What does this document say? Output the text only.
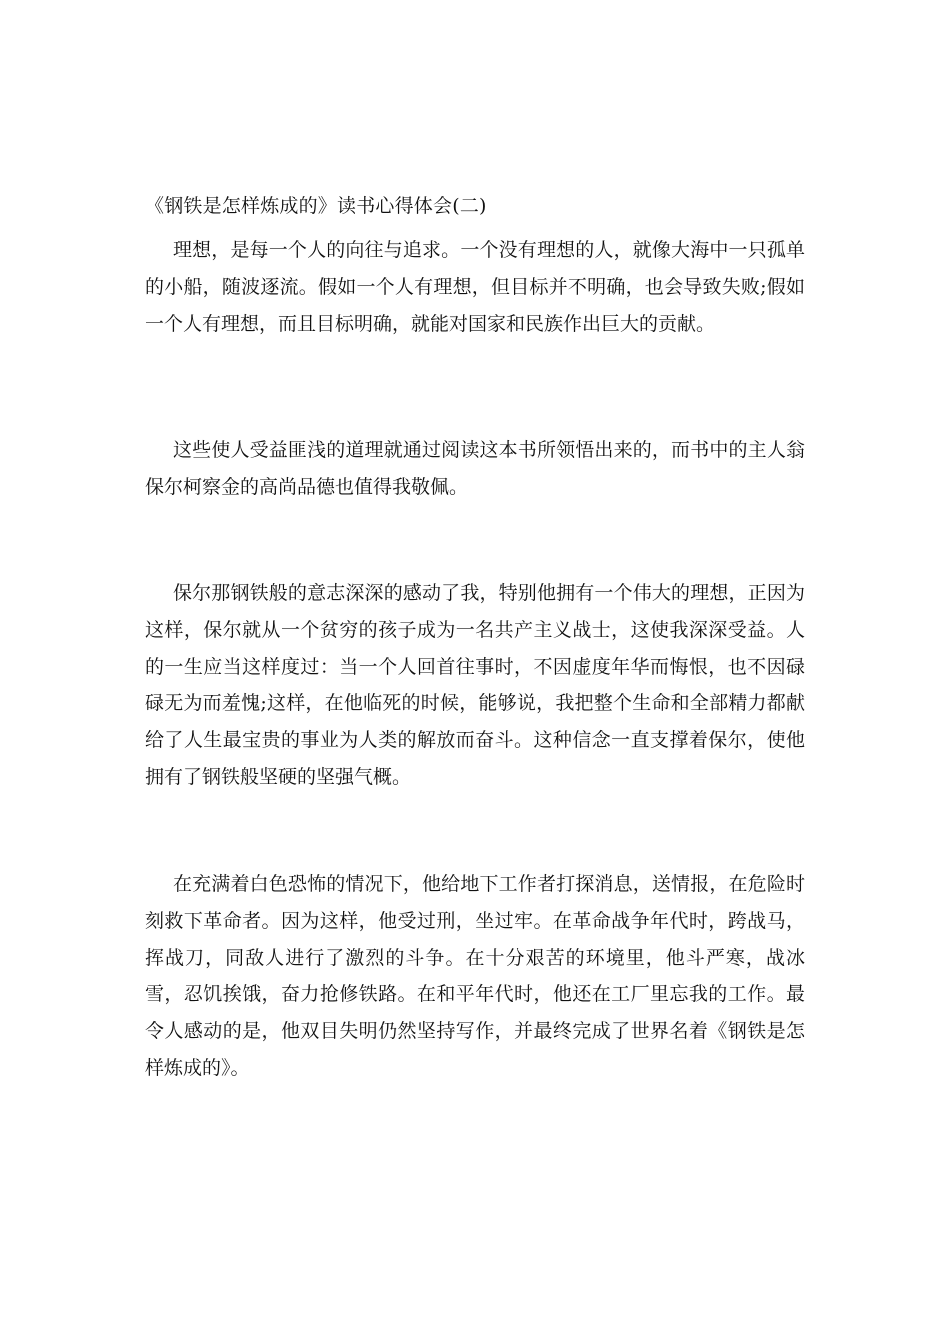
《钢铁是怎样炼成的》读书心得体会(二)

理想，是每一个人的向往与追求。一个没有理想的人，就像大海中一只孤单的小船，随波逐流。假如一个人有理想，但目标并不明确，也会导致失败;假如一个人有理想，而且目标明确，就能对国家和民族作出巨大的贡献。

这些使人受益匪浅的道理就通过阅读这本书所领悟出来的，而书中的主人翁保尔柯察金的高尚品德也值得我敬佩。

保尔那钢铁般的意志深深的感动了我，特别他拥有一个伟大的理想，正因为这样，保尔就从一个贫穷的孩子成为一名共产主义战士，这使我深深受益。人的一生应当这样度过：当一个人回首往事时，不因虚度年华而悔恨，也不因碌碌无为而羞愧;这样，在他临死的时候，能够说，我把整个生命和全部精力都献给了人生最宝贵的事业为人类的解放而奋斗。这种信念一直支撑着保尔，使他拥有了钢铁般坚硬的坚强气概。

在充满着白色恐怖的情况下，他给地下工作者打探消息，送情报，在危险时刻救下革命者。因为这样，他受过刑，坐过牢。在革命战争年代时，跨战马，挥战刀，同敌人进行了激烈的斗争。在十分艰苦的环境里，他斗严寒，战冰雪，忍饥挨饿，奋力抢修铁路。在和平年代时，他还在工厂里忘我的工作。最令人感动的是，他双目失明仍然坚持写作，并最终完成了世界名着《钢铁是怎样炼成的》。
